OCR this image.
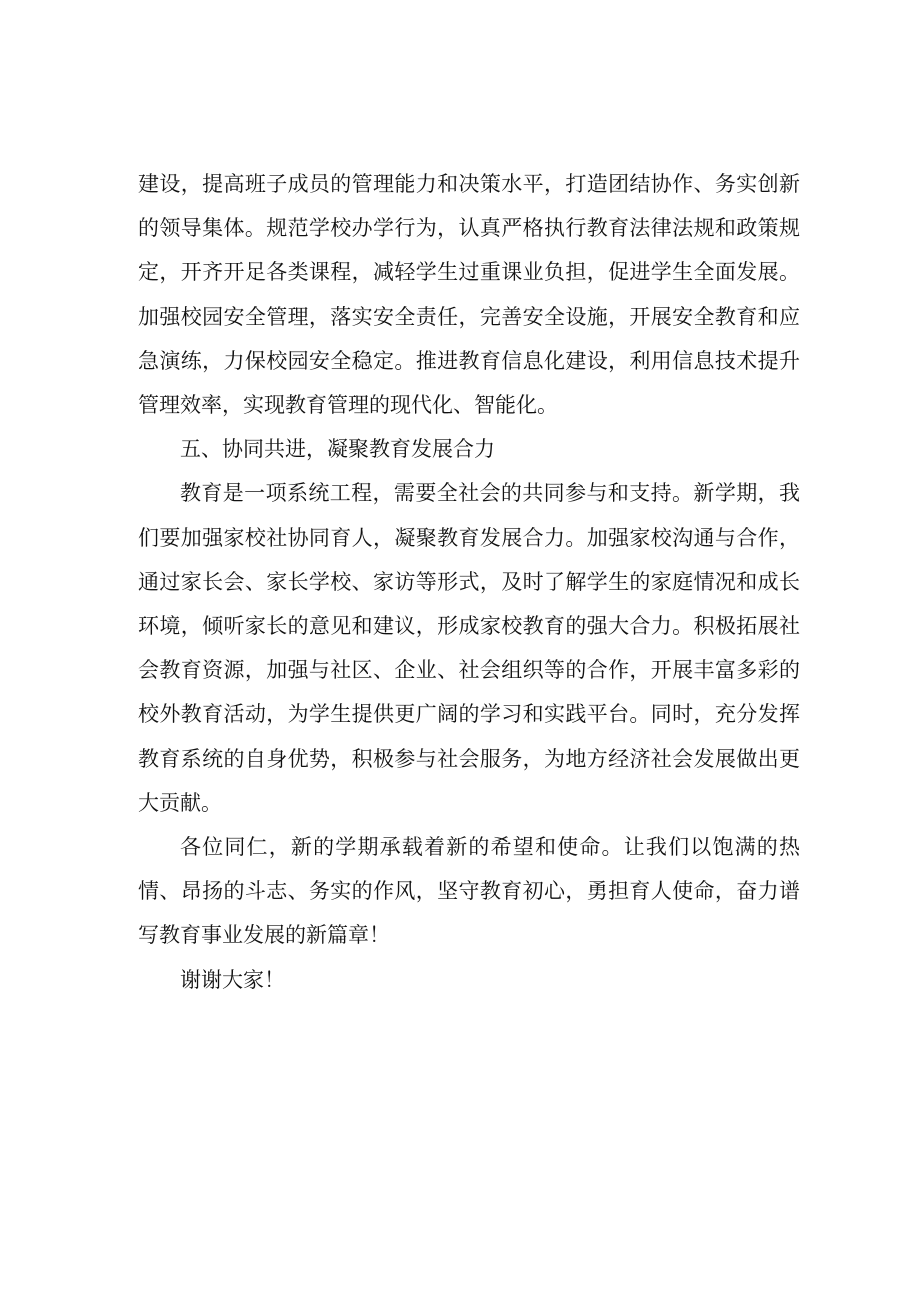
建设，提高班子成员的管理能力和决策水平，打造团结协作、务实创新的领导集体。规范学校办学行为，认真严格执行教育法律法规和政策规定，开齐开足各类课程，减轻学生过重课业负担，促进学生全面发展。加强校园安全管理，落实安全责任，完善安全设施，开展安全教育和应急演练，力保校园安全稳定。推进教育信息化建设，利用信息技术提升管理效率，实现教育管理的现代化、智能化。

五、协同共进，凝聚教育发展合力

教育是一项系统工程，需要全社会的共同参与和支持。新学期，我们要加强家校社协同育人，凝聚教育发展合力。加强家校沟通与合作，通过家长会、家长学校、家访等形式，及时了解学生的家庭情况和成长环境，倾听家长的意见和建议，形成家校教育的强大合力。积极拓展社会教育资源，加强与社区、企业、社会组织等的合作，开展丰富多彩的校外教育活动，为学生提供更广阔的学习和实践平台。同时，充分发挥教育系统的自身优势，积极参与社会服务，为地方经济社会发展做出更大贡献。

各位同仁，新的学期承载着新的希望和使命。让我们以饱满的热情、昂扬的斗志、务实的作风，坚守教育初心，勇担育人使命，奋力谱写教育事业发展的新篇章！

谢谢大家！
